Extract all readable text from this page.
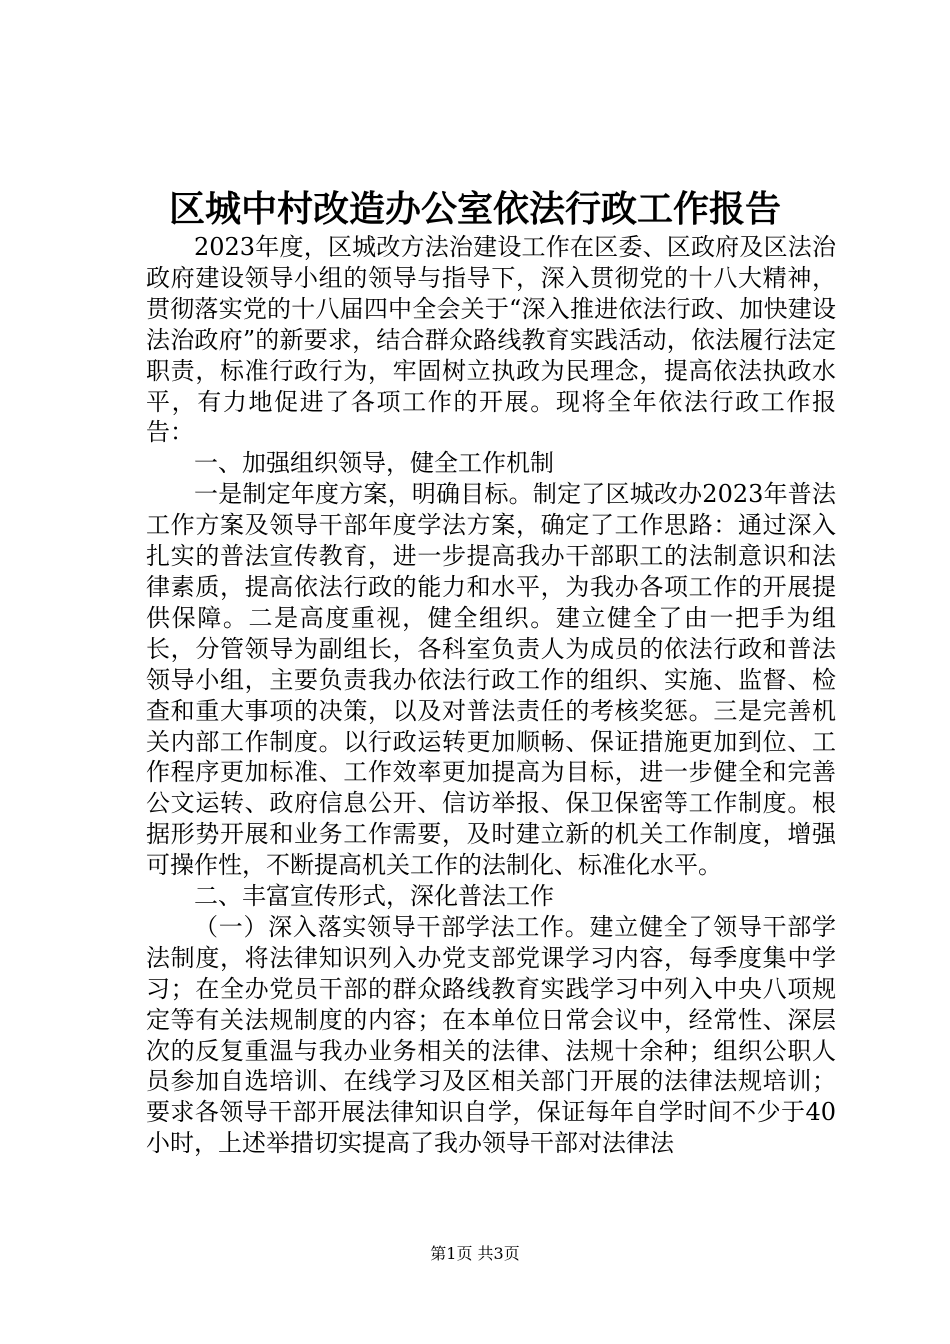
区城中村改造办公室依法行政工作报告

2023年度，区城改方法治建设工作在区委、区政府及区法治政府建设领导小组的领导与指导下，深入贯彻党的十八大精神，贯彻落实党的十八届四中全会关于“深入推进依法行政、加快建设法治政府”的新要求，结合群众路线教育实践活动，依法履行法定职责，标准行政行为，牢固树立执政为民理念，提高依法执政水平，有力地促进了各项工作的开展。现将全年依法行政工作报告：

一、加强组织领导，健全工作机制

一是制定年度方案，明确目标。制定了区城改办2023年普法工作方案及领导干部年度学法方案，确定了工作思路：通过深入扎实的普法宣传教育，进一步提高我办干部职工的法制意识和法律素质，提高依法行政的能力和水平，为我办各项工作的开展提供保障。二是高度重视，健全组织。建立健全了由一把手为组长，分管领导为副组长，各科室负责人为成员的依法行政和普法领导小组，主要负责我办依法行政工作的组织、实施、监督、检查和重大事项的决策，以及对普法责任的考核奖惩。三是完善机关内部工作制度。以行政运转更加顺畅、保证措施更加到位、工作程序更加标准、工作效率更加提高为目标，进一步健全和完善公文运转、政府信息公开、信访举报、保卫保密等工作制度。根据形势开展和业务工作需要，及时建立新的机关工作制度，增强可操作性，不断提高机关工作的法制化、标准化水平。

二、丰富宣传形式，深化普法工作

（一）深入落实领导干部学法工作。建立健全了领导干部学法制度，将法律知识列入办党支部党课学习内容，每季度集中学习；在全办党员干部的群众路线教育实践学习中列入中央八项规定等有关法规制度的内容；在本单位日常会议中，经常性、深层次的反复重温与我办业务相关的法律、法规十余种；组织公职人员参加自选培训、在线学习及区相关部门开展的法律法规培训；要求各领导干部开展法律知识自学，保证每年自学时间不少于40小时，上述举措切实提高了我办领导干部对法律法

第1页 共3页
